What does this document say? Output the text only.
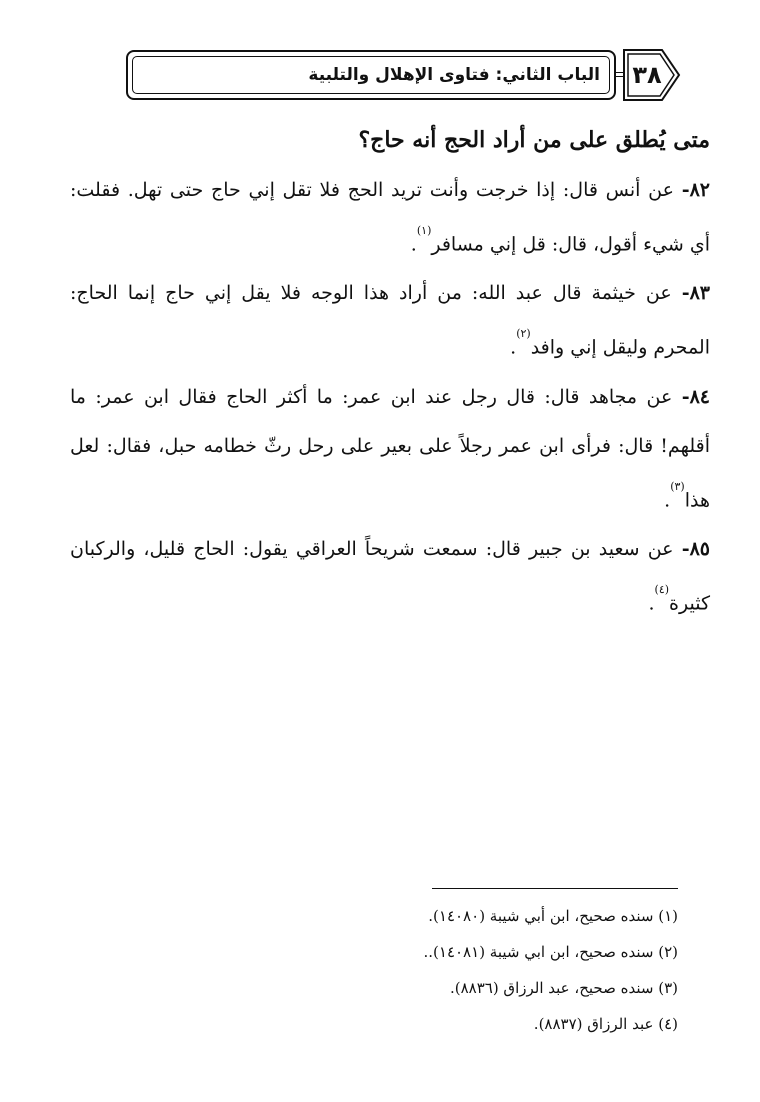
الباب الثاني: فتاوى الإهلال والتلبية	٣٨
متى يُطلق على من أراد الحج أنه حاج؟

٨٢- عن أنس قال: إذا خرجت وأنت تريد الحج فلا تقل إني حاج حتى تهل. فقلت: أي شيء أقول، قال: قل إني مسافر$^{(١)}$.

٨٣- عن خيثمة قال عبد الله: من أراد هذا الوجه فلا يقل إني حاج إنما الحاج: المحرم وليقل إني وافد$^{(٢)}$.

٨٤- عن مجاهد قال: قال رجل عند ابن عمر: ما أكثر الحاج فقال ابن عمر: ما أقلهم! قال: فرأى ابن عمر رجلاً على بعير على رحل رثّ خطامه حبل، فقال: لعل هذا$^{(٣)}$.

٨٥- عن سعيد بن جبير قال: سمعت شريحاً العراقي يقول: الحاج قليل، والركبان كثيرة$^{(٤)}$.

(١) سنده صحيح، ابن أبي شيبة (١٤٠٨٠).

(٢) سنده صحيح، ابن ابي شيبة (١٤٠٨١)..

(٣) سنده صحيح، عبد الرزاق (٨٨٣٦).

(٤) عبد الرزاق (٨٨٣٧).
